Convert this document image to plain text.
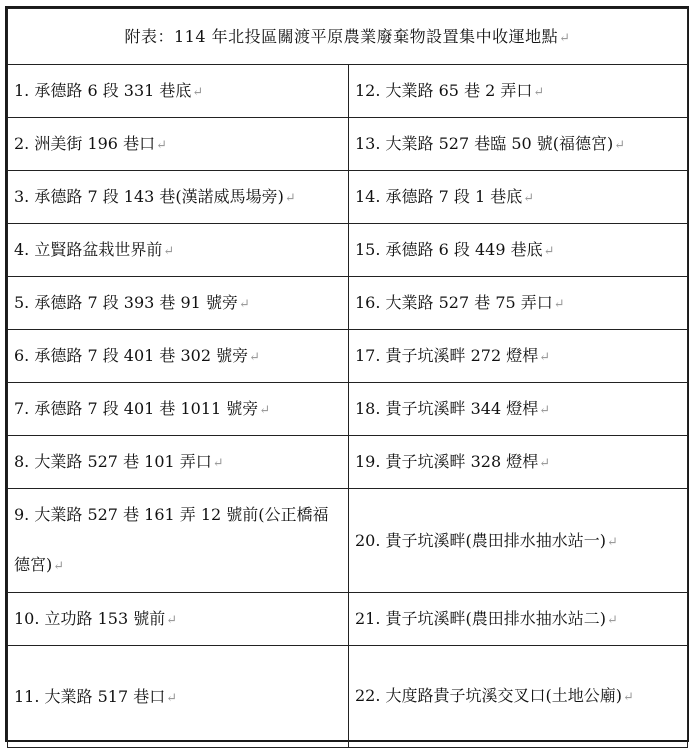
附表：114 年北投區關渡平原農業廢棄物設置集中收運地點↵	
1. 承德路 6 段 331 巷底↵	12. 大業路 65 巷 2 弄口↵
2. 洲美街 196 巷口↵	13. 大業路 527 巷臨 50 號(福德宮)↵
3. 承德路 7 段 143 巷(漢諾威馬場旁)↵	14. 承德路 7 段 1 巷底↵
4. 立賢路盆栽世界前↵	15. 承德路 6 段 449 巷底↵
5. 承德路 7 段 393 巷 91 號旁↵	16. 大業路 527 巷 75 弄口↵
6. 承德路 7 段 401 巷 302 號旁↵	17. 貴子坑溪畔 272 燈桿↵
7. 承德路 7 段 401 巷 1011 號旁↵	18. 貴子坑溪畔 344 燈桿↵
8. 大業路 527 巷 101 弄口↵	19. 貴子坑溪畔 328 燈桿↵
9. 大業路 527 巷 161 弄 12 號前(公正橋福德宮)↵	20. 貴子坑溪畔(農田排水抽水站一)↵
10. 立功路 153 號前↵	21. 貴子坑溪畔(農田排水抽水站二)↵
11. 大業路 517 巷口↵	22. 大度路貴子坑溪交叉口(土地公廟)↵
